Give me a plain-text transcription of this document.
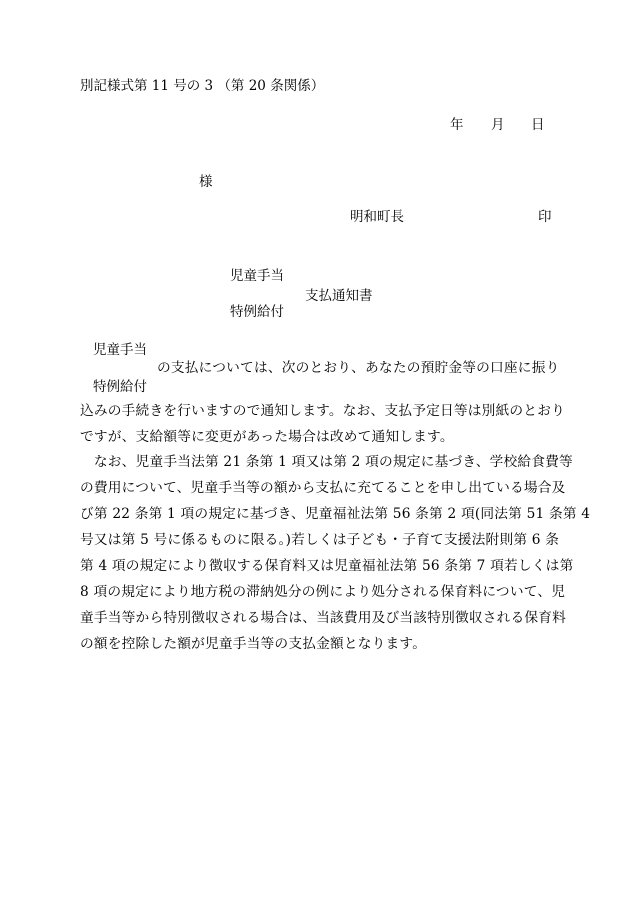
別記様式第 11 号の 3 （第 20 条関係）
年 月 日
様
明和町長	印
児童手当
支払通知書
特例給付
児童手当
の支払については、次のとおり、あなたの預貯金等の口座に振り
特例給付
込みの手続きを行いますので通知します。なお、支払予定日等は別紙のとおり
ですが、支給額等に変更があった場合は改めて通知します。
　なお、児童手当法第 21 条第 1 項又は第 2 項の規定に基づき、学校給食費等
の費用について、児童手当等の額から支払に充てることを申し出ている場合及
び第 22 条第 1 項の規定に基づき、児童福祉法第 56 条第 2 項(同法第 51 条第 4
号又は第 5 号に係るものに限る。)若しくは子ども・子育て支援法附則第 6 条
第 4 項の規定により徴収する保育料又は児童福祉法第 56 条第 7 項若しくは第
8 項の規定により地方税の滞納処分の例により処分される保育料について、児
童手当等から特別徴収される場合は、当該費用及び当該特別徴収される保育料
の額を控除した額が児童手当等の支払金額となります。
